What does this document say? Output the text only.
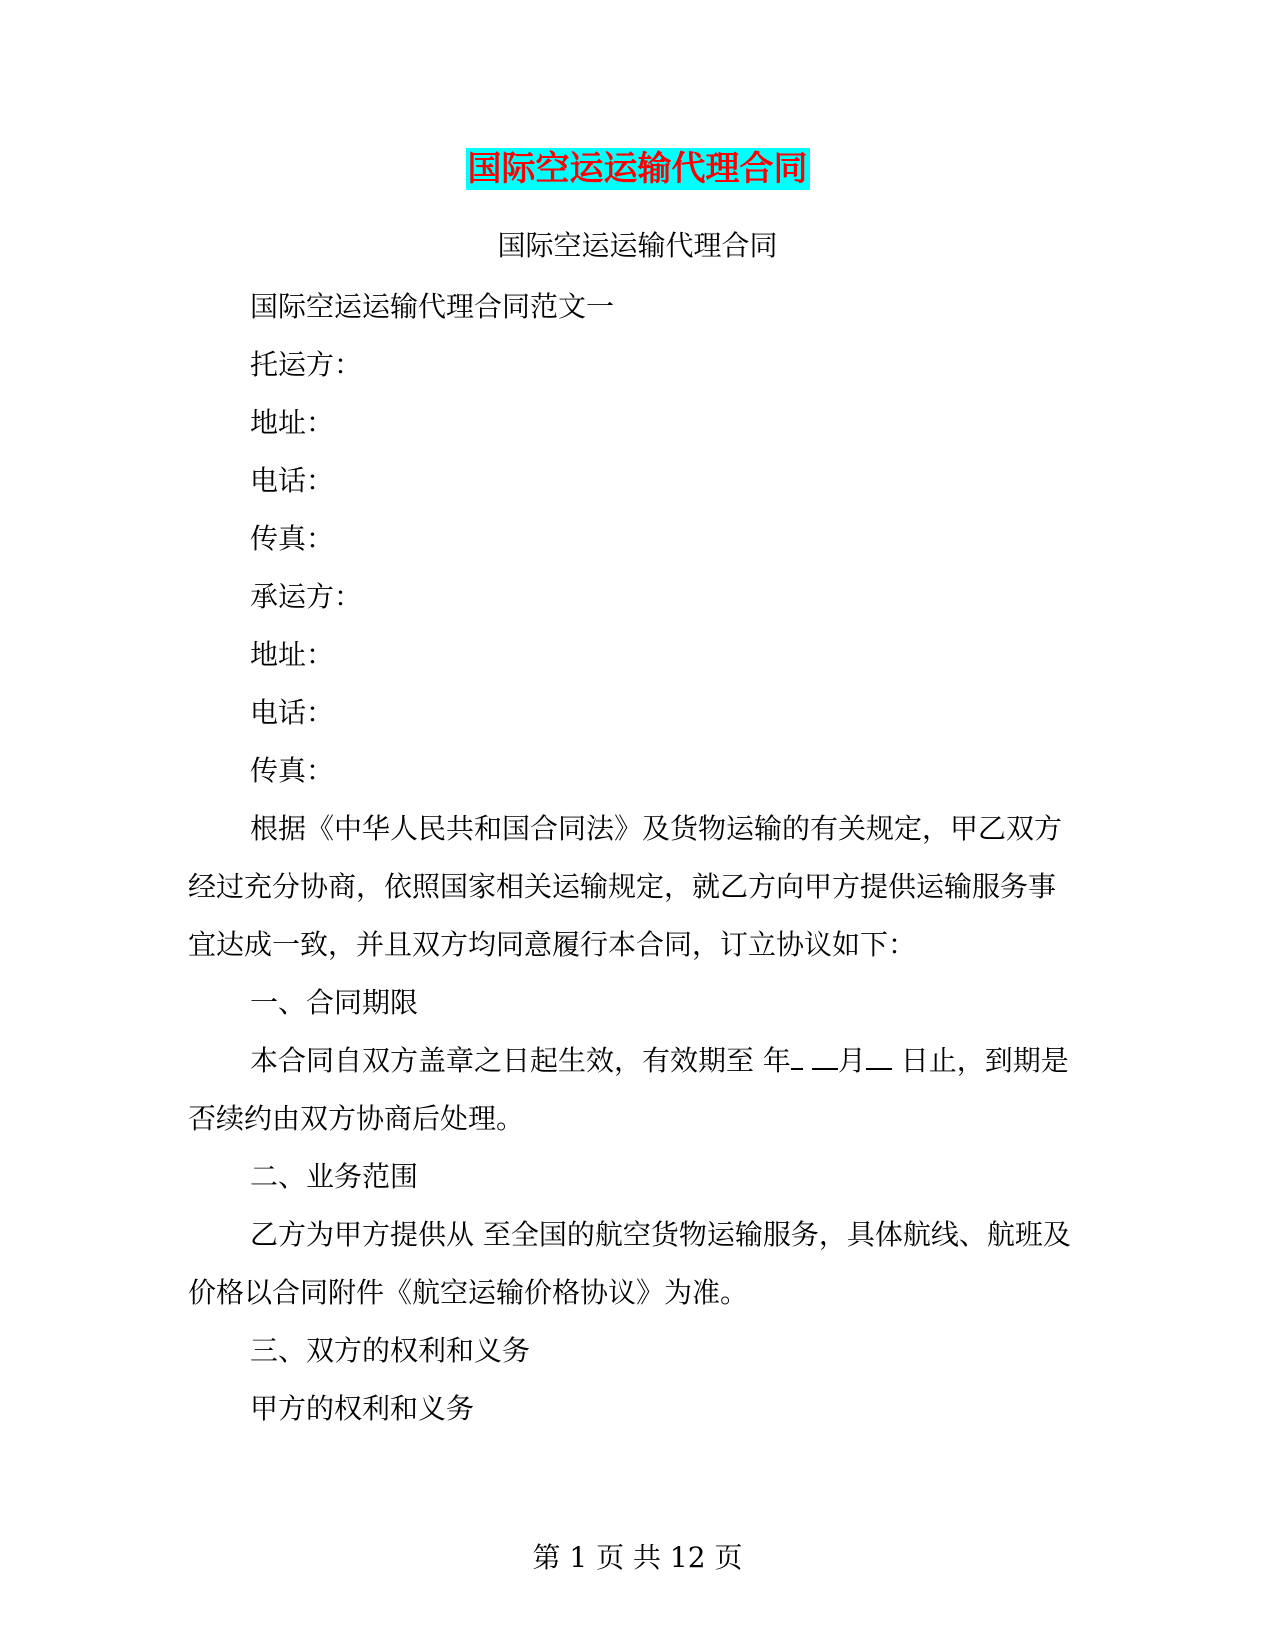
国际空运运输代理合同
国际空运运输代理合同

国际空运运输代理合同范文一

托运方：

地址：

电话：

传真：

承运方：

地址：

电话：

传真：

根据《中华人民共和国合同法》及货物运输的有关规定，甲乙双方经过充分协商，依照国家相关运输规定，就乙方向甲方提供运输服务事宜达成一致，并且双方均同意履行本合同，订立协议如下：

一、合同期限

本合同自双方盖章之日起生效，有效期至 年 月 日止，到期是否续约由双方协商后处理。

二、业务范围

乙方为甲方提供从 至全国的航空货物运输服务，具体航线、航班及价格以合同附件《航空运输价格协议》为准。

三、双方的权利和义务

甲方的权利和义务

第 1 页 共 12 页
